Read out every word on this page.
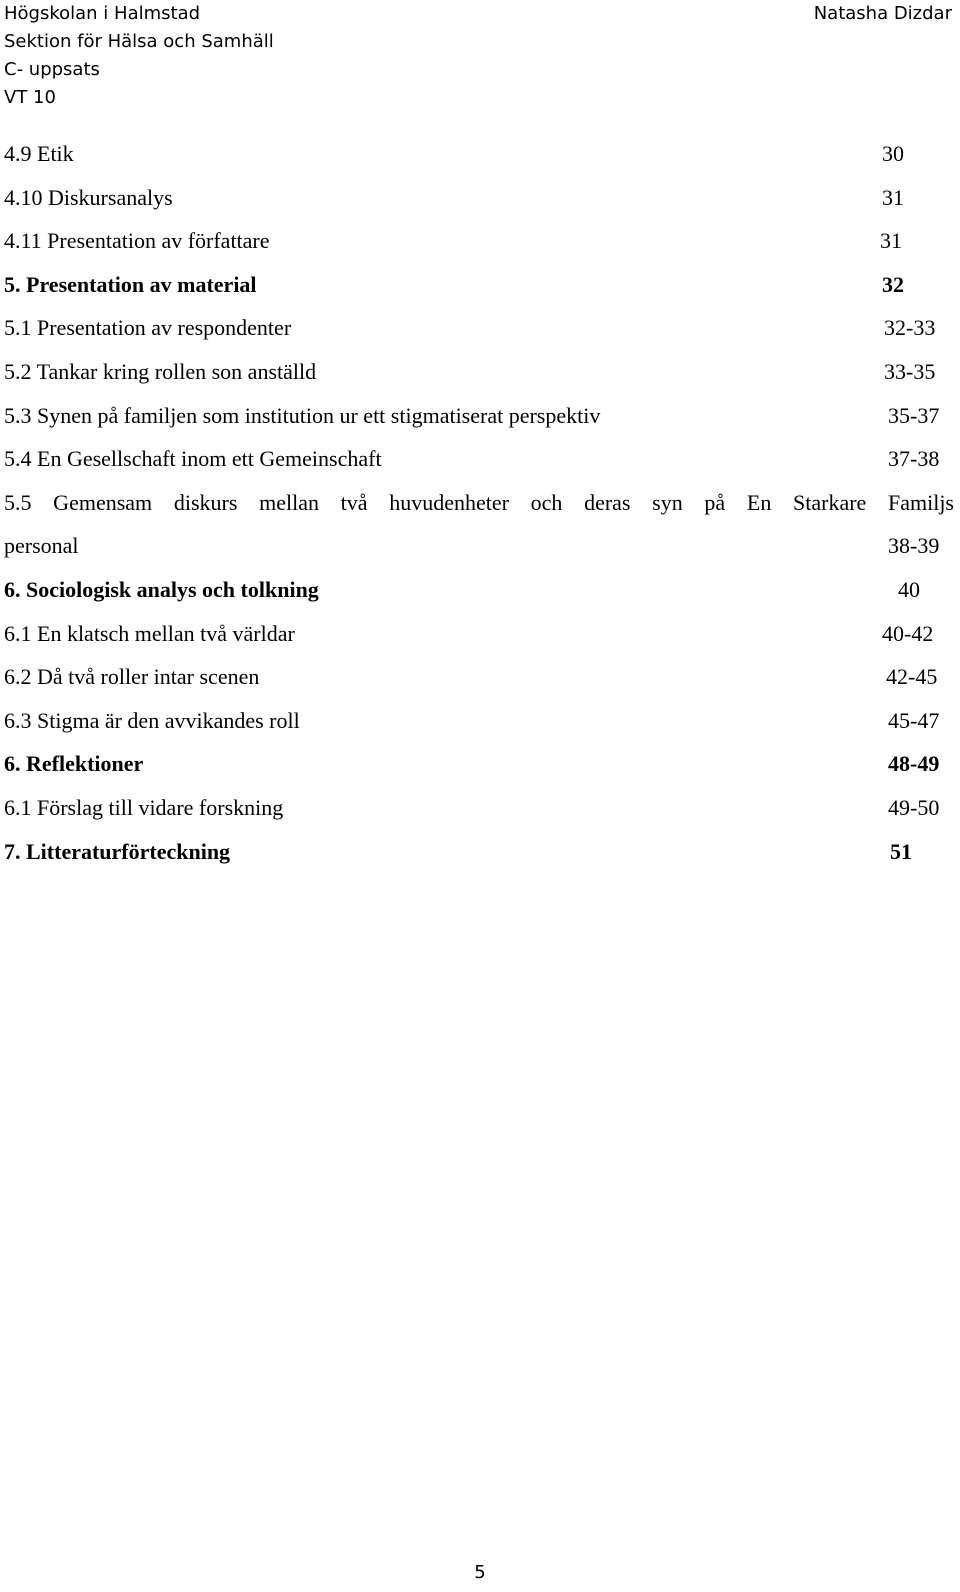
Högskolan i Halmstad
Sektion för Hälsa och Samhäll
C- uppsats
VT 10
Natasha Dizdar
4.9 Etik	30
4.10 Diskursanalys	31
4.11 Presentation av författare	31
5. Presentation av material	32
5.1 Presentation av respondenter	32-33
5.2 Tankar kring rollen son anställd	33-35
5.3 Synen på familjen som institution ur ett stigmatiserat perspektiv	35-37
5.4 En Gesellschaft inom ett Gemeinschaft	37-38
5.5 Gemensam diskurs mellan två huvudenheter och deras syn på En Starkare Familjs
personal	38-39
6. Sociologisk analys och tolkning	40
6.1 En klatsch mellan två världar	40-42
6.2 Då två roller intar scenen	42-45
6.3 Stigma är den avvikandes roll	45-47
6. Reflektioner	48-49
6.1 Förslag till vidare forskning	49-50
7. Litteraturförteckning	51
5
